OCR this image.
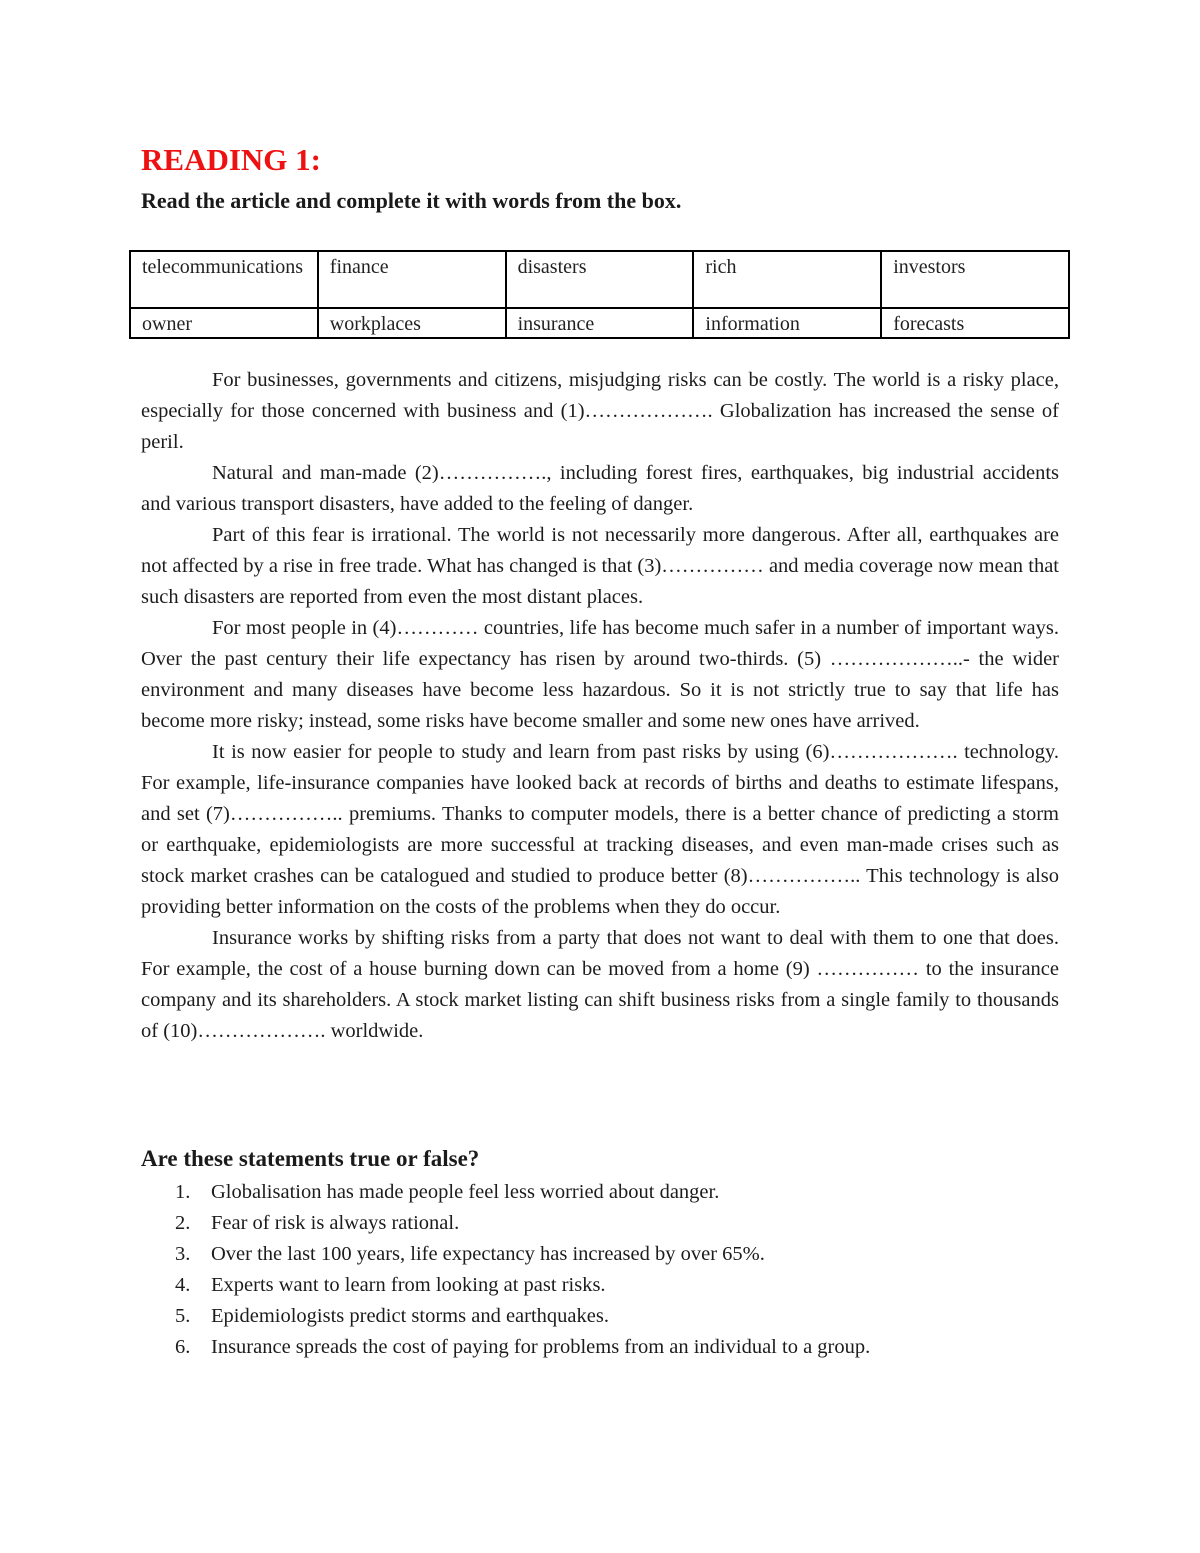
READING 1:

Read the article and complete it with words from the box.

telecommunications	finance	disasters	rich	investors
owner	workplaces	insurance	information	forecasts

For businesses, governments and citizens, misjudging risks can be costly. The world is a risky place, especially for those concerned with business and (1)………………. Globalization has increased the sense of peril.

Natural and man-made (2)……………., including forest fires, earthquakes, big industrial accidents and various transport disasters, have added to the feeling of danger.

Part of this fear is irrational. The world is not necessarily more dangerous. After all, earthquakes are not affected by a rise in free trade. What has changed is that (3)…………… and media coverage now mean that such disasters are reported from even the most distant places.

For most people in (4)………… countries, life has become much safer in a number of important ways. Over the past century their life expectancy has risen by around two-thirds. (5) ………………..- the wider environment and many diseases have become less hazardous. So it is not strictly true to say that life has become more risky; instead, some risks have become smaller and some new ones have arrived.

It is now easier for people to study and learn from past risks by using (6)………………. technology. For example, life-insurance companies have looked back at records of births and deaths to estimate lifespans, and set (7)…………….. premiums. Thanks to computer models, there is a better chance of predicting a storm or earthquake, epidemiologists are more successful at tracking diseases, and even man-made crises such as stock market crashes can be catalogued and studied to produce better (8)…………….. This technology is also providing better information on the costs of the problems when they do occur.

Insurance works by shifting risks from a party that does not want to deal with them to one that does. For example, the cost of a house burning down can be moved from a home (9) …………… to the insurance company and its shareholders. A stock market listing can shift business risks from a single family to thousands of (10)………………. worldwide.

Are these statements true or false?
1. Globalisation has made people feel less worried about danger.
2. Fear of risk is always rational.
3. Over the last 100 years, life expectancy has increased by over 65%.
4. Experts want to learn from looking at past risks.
5. Epidemiologists predict storms and earthquakes.
6. Insurance spreads the cost of paying for problems from an individual to a group.
